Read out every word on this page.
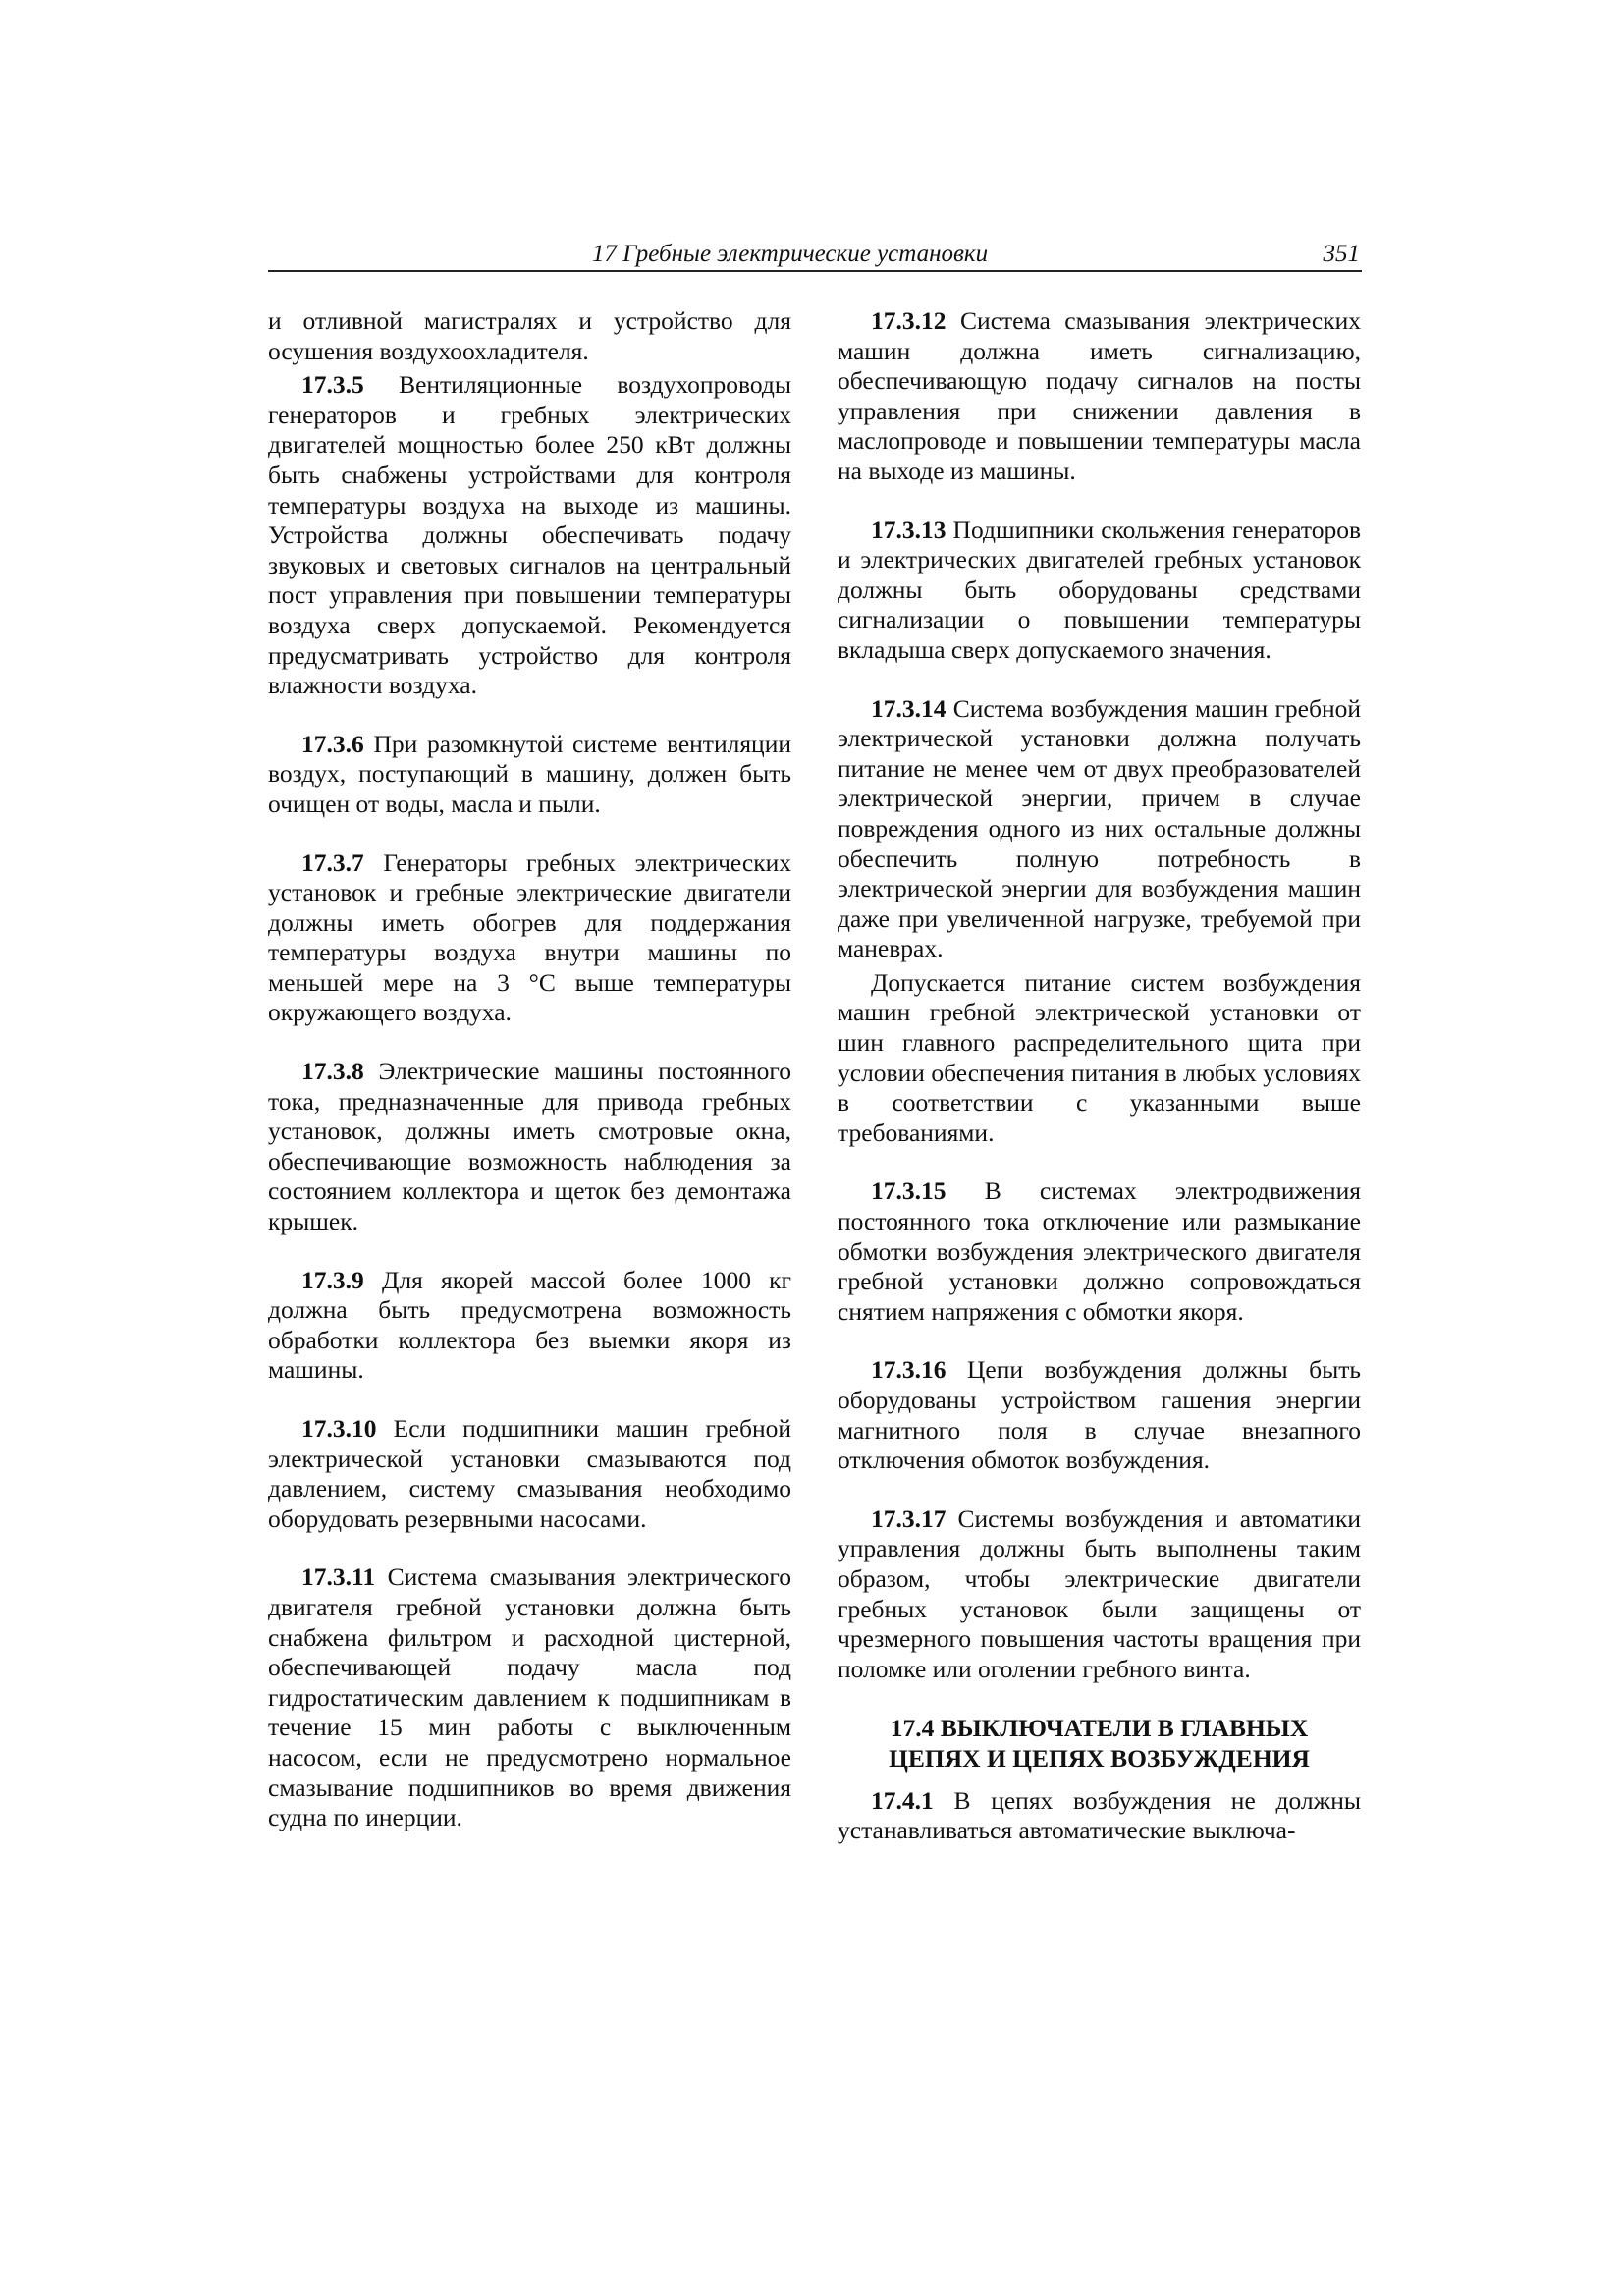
17 Гребные электрические установки	351

и отливной магистралях и устройство для осушения воздухоохладителя.

17.3.5 Вентиляционные воздухопроводы генераторов и гребных электрических двигателей мощностью более 250 кВт должны быть снабжены устройствами для контроля температуры воздуха на выходе из машины. Устройства должны обеспечивать подачу звуковых и световых сигналов на центральный пост управления при повышении температуры воздуха сверх допускаемой. Рекомендуется предусматривать устройство для контроля влажности воздуха.

17.3.6 При разомкнутой системе вентиляции воздух, поступающий в машину, должен быть очищен от воды, масла и пыли.

17.3.7 Генераторы гребных электрических установок и гребные электрические двигатели должны иметь обогрев для поддержания температуры воздуха внутри машины по меньшей мере на 3 °С выше температуры окружающего воздуха.

17.3.8 Электрические машины постоянного тока, предназначенные для привода гребных установок, должны иметь смотровые окна, обеспечивающие возможность наблюдения за состоянием коллектора и щеток без демонтажа крышек.

17.3.9 Для якорей массой более 1000 кг должна быть предусмотрена возможность обработки коллектора без выемки якоря из машины.

17.3.10 Если подшипники машин гребной электрической установки смазываются под давлением, систему смазывания необходимо оборудовать резервными насосами.

17.3.11 Система смазывания электрического двигателя гребной установки должна быть снабжена фильтром и расходной цистерной, обеспечивающей подачу масла под гидростатическим давлением к подшипникам в течение 15 мин работы с выключенным насосом, если не предусмотрено нормальное смазывание подшипников во время движения судна по инерции.

17.3.12 Система смазывания электрических машин должна иметь сигнализацию, обеспечивающую подачу сигналов на посты управления при снижении давления в маслопроводе и повышении температуры масла на выходе из машины.

17.3.13 Подшипники скольжения генераторов и электрических двигателей гребных установок должны быть оборудованы средствами сигнализации о повышении температуры вкладыша сверх допускаемого значения.

17.3.14 Система возбуждения машин гребной электрической установки должна получать питание не менее чем от двух преобразователей электрической энергии, причем в случае повреждения одного из них остальные должны обеспечить полную потребность в электрической энергии для возбуждения машин даже при увеличенной нагрузке, требуемой при маневрах.

Допускается питание систем возбуждения машин гребной электрической установки от шин главного распределительного щита при условии обеспечения питания в любых условиях в соответствии с указанными выше требованиями.

17.3.15 В системах электродвижения постоянного тока отключение или размыкание обмотки возбуждения электрического двигателя гребной установки должно сопровождаться снятием напряжения с обмотки якоря.

17.3.16 Цепи возбуждения должны быть оборудованы устройством гашения энергии магнитного поля в случае внезапного отключения обмоток возбуждения.

17.3.17 Системы возбуждения и автоматики управления должны быть выполнены таким образом, чтобы электрические двигатели гребных установок были защищены от чрезмерного повышения частоты вращения при поломке или оголении гребного винта.

17.4 ВЫКЛЮЧАТЕЛИ В ГЛАВНЫХ
ЦЕПЯХ И ЦЕПЯХ ВОЗБУЖДЕНИЯ

17.4.1 В цепях возбуждения не должны устанавливаться автоматические выключа-
